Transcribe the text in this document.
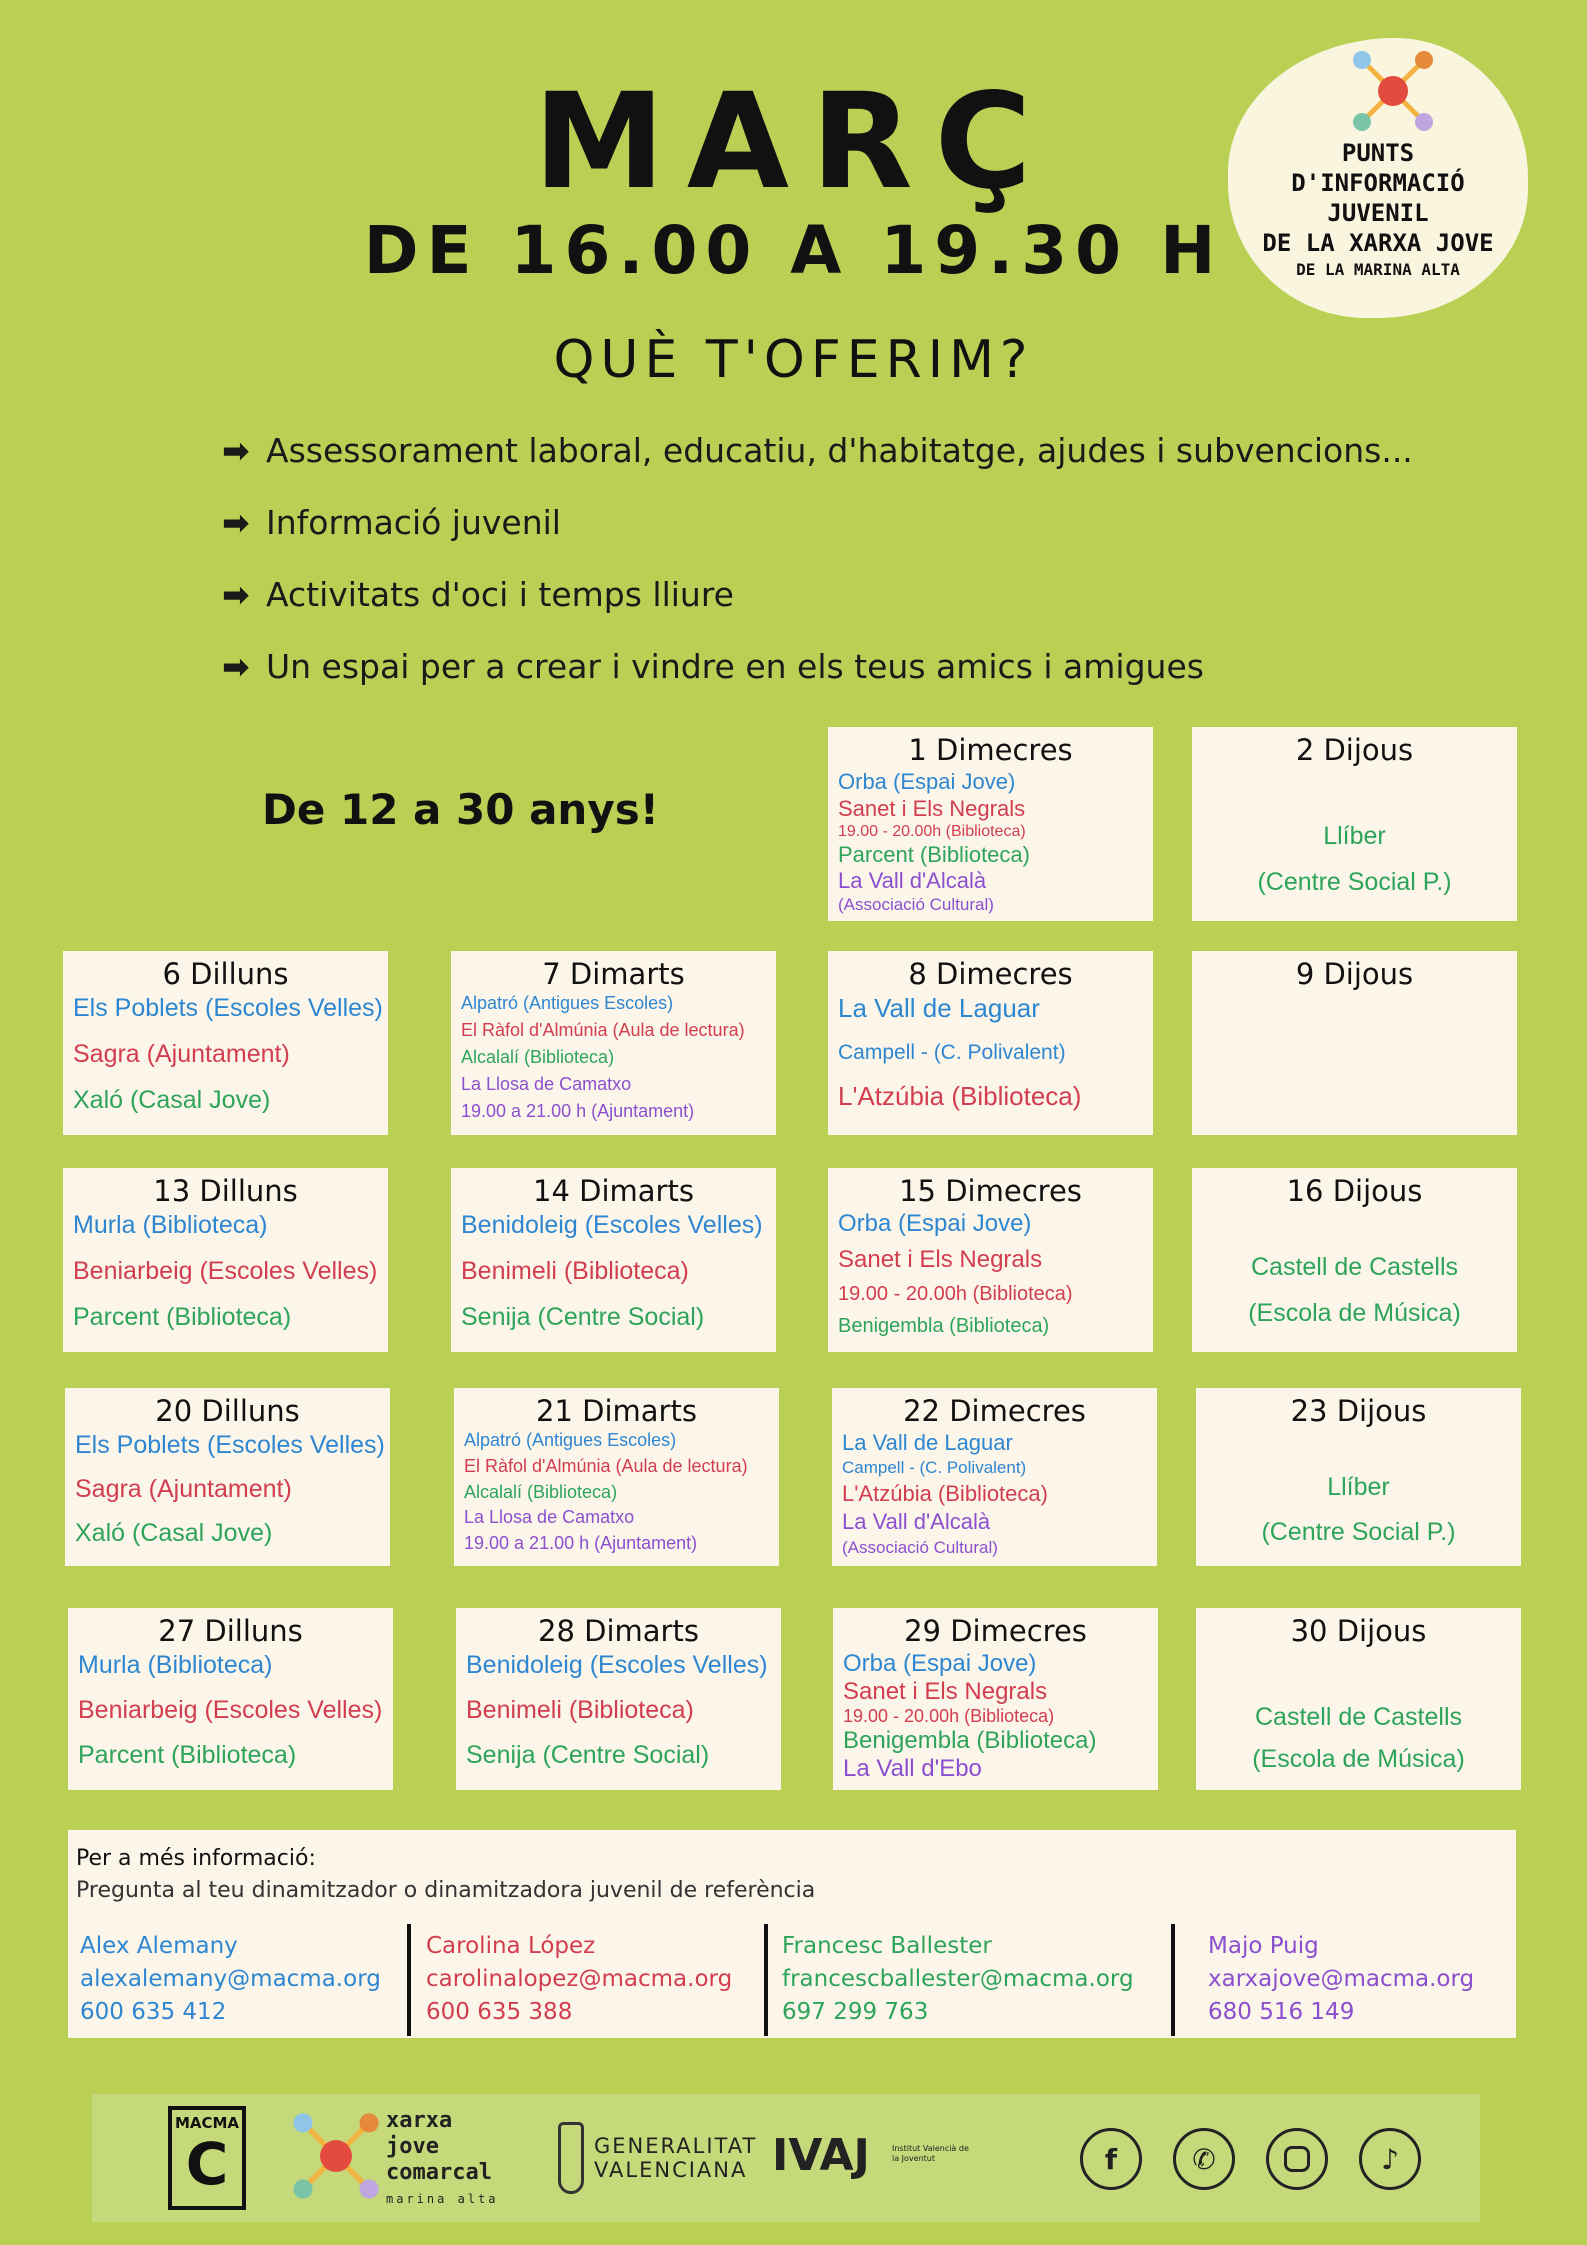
MARÇ
DE 16.00 A 19.30 H
QUÈ T'OFERIM?
PUNTS
D'INFORMACIÓ
JUVENIL
DE LA XARXA JOVE
DE LA MARINA ALTA
➡ Assessorament laboral, educatiu, d'habitatge, ajudes i subvencions...
➡ Informació juvenil
➡ Activitats d'oci i temps lliure
➡ Un espai per a crear i vindre en els teus amics i amigues
De 12 a 30 anys!
1 Dimecres
Orba (Espai Jove)
Sanet i Els Negrals
19.00 - 20.00h (Biblioteca)
Parcent (Biblioteca)
La Vall d'Alcalà
(Associació Cultural)
2 Dijous
Llíber
(Centre Social P.)
6 Dilluns
Els Poblets (Escoles Velles)
Sagra (Ajuntament)
Xaló (Casal Jove)
7 Dimarts
Alpatró (Antigues Escoles)
El Ràfol d'Almúnia (Aula de lectura)
Alcalalí (Biblioteca)
La Llosa de Camatxo
19.00 a 21.00 h (Ajuntament)
8 Dimecres
La Vall de Laguar
Campell - (C. Polivalent)
L'Atzúbia (Biblioteca)
9 Dijous
13 Dilluns
Murla (Biblioteca)
Beniarbeig (Escoles Velles)
Parcent (Biblioteca)
14 Dimarts
Benidoleig (Escoles Velles)
Benimeli (Biblioteca)
Senija (Centre Social)
15 Dimecres
Orba (Espai Jove)
Sanet i Els Negrals
19.00 - 20.00h (Biblioteca)
Benigembla (Biblioteca)
16 Dijous
Castell de Castells
(Escola de Música)
20 Dilluns
Els Poblets (Escoles Velles)
Sagra (Ajuntament)
Xaló (Casal Jove)
21 Dimarts
Alpatró (Antigues Escoles)
El Ràfol d'Almúnia (Aula de lectura)
Alcalalí (Biblioteca)
La Llosa de Camatxo
19.00 a 21.00 h (Ajuntament)
22 Dimecres
La Vall de Laguar
Campell - (C. Polivalent)
L'Atzúbia (Biblioteca)
La Vall d'Alcalà
(Associació Cultural)
23 Dijous
Llíber
(Centre Social P.)
27 Dilluns
Murla (Biblioteca)
Beniarbeig (Escoles Velles)
Parcent (Biblioteca)
28 Dimarts
Benidoleig (Escoles Velles)
Benimeli (Biblioteca)
Senija (Centre Social)
29 Dimecres
Orba (Espai Jove)
Sanet i Els Negrals
19.00 - 20.00h (Biblioteca)
Benigembla (Biblioteca)
La Vall d'Ebo
30 Dijous
Castell de Castells
(Escola de Música)
Per a més informació:
Pregunta al teu dinamitzador o dinamitzadora juvenil de referència
Alex Alemany
alexalemany@macma.org
600 635 412
Carolina López
carolinalopez@macma.org
600 635 388
Francesc Ballester
francescballester@macma.org
697 299 763
Majo Puig
xarxajove@macma.org
680 516 149
MACMA
C
xarxa
jove
comarcal
marina alta
GENERALITAT
VALENCIANA IVAJ	Institut Valencià de la Joventut	f	✆	♪
